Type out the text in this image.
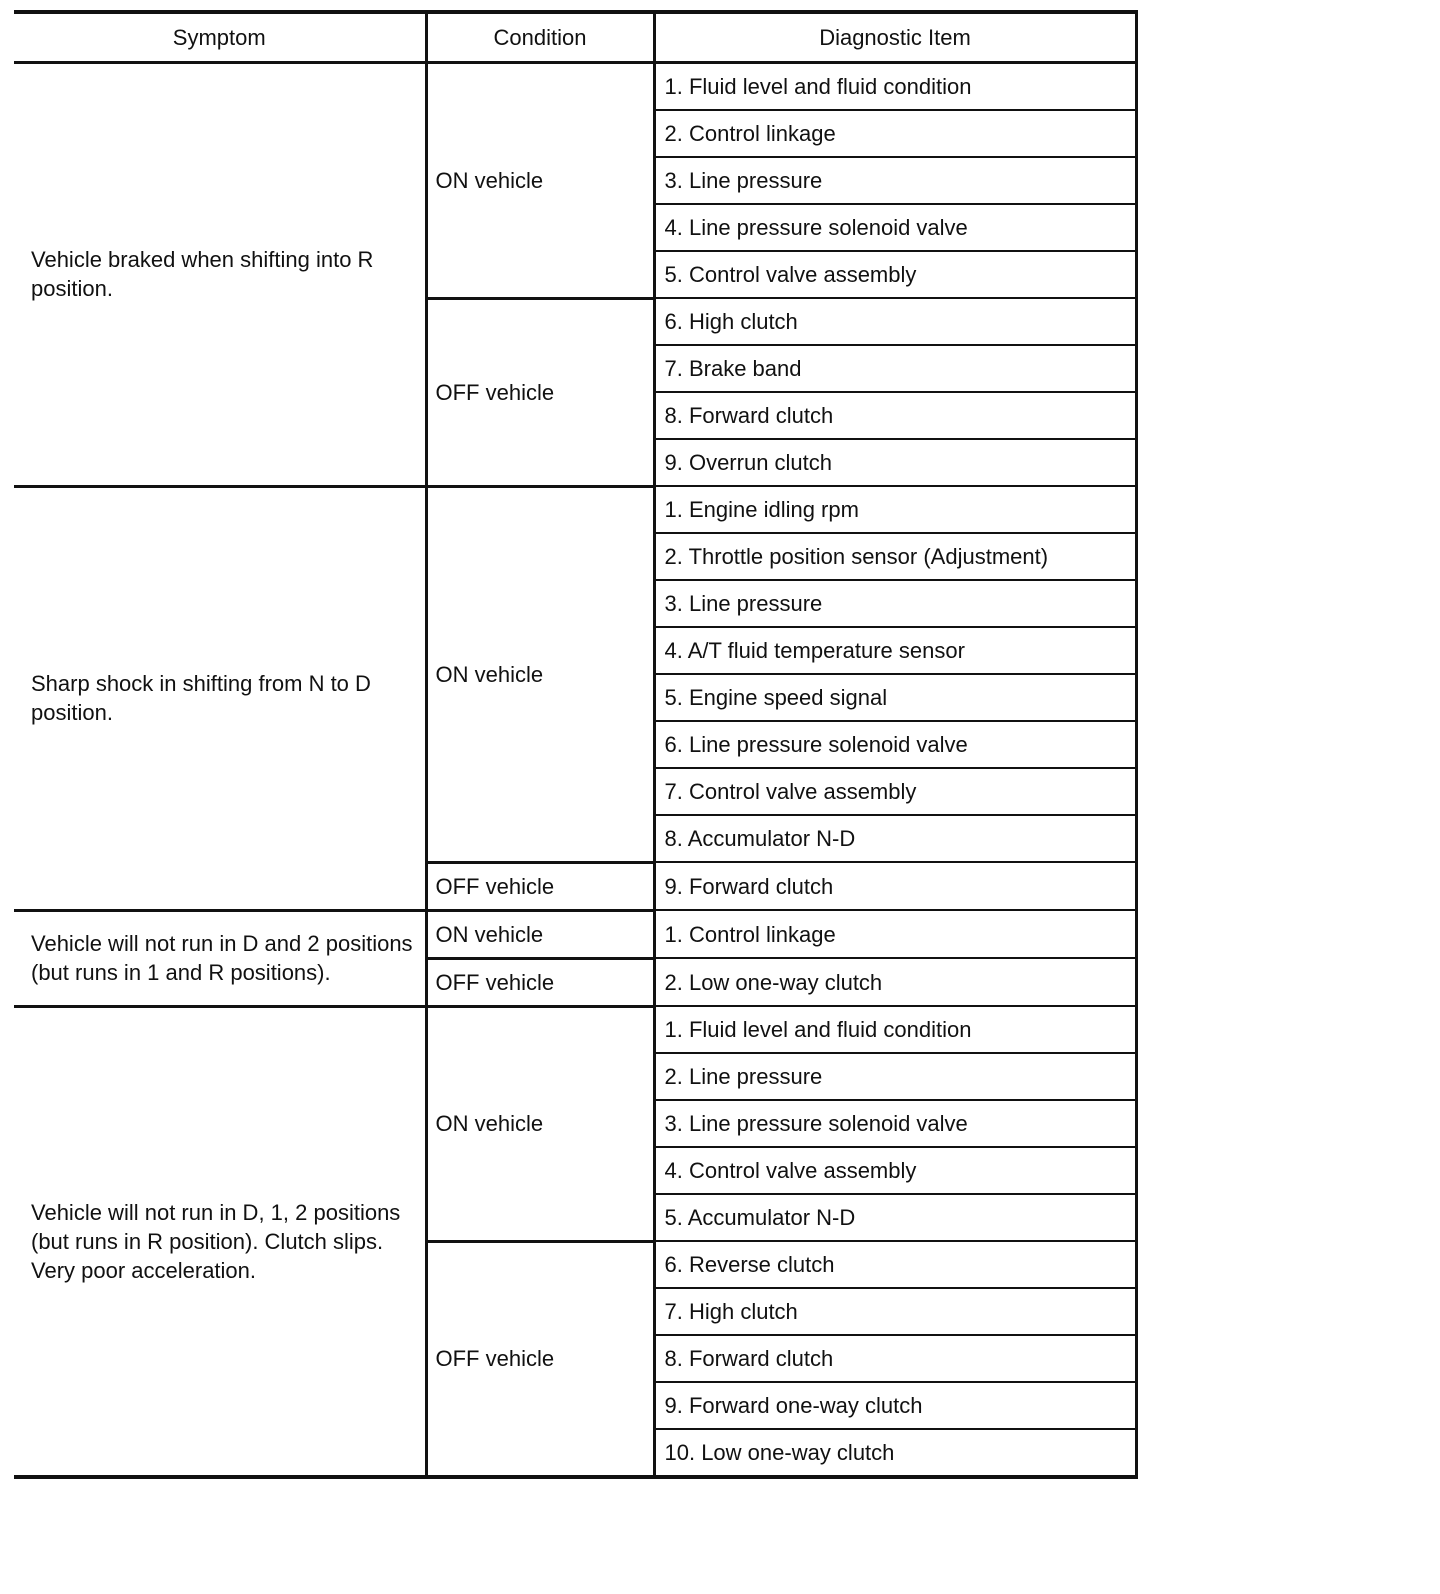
Symptom	Condition	Diagnostic Item
Vehicle braked when shifting into R position.	ON vehicle	1. Fluid level and fluid condition
		2. Control linkage
		3. Line pressure
		4. Line pressure solenoid valve
		5. Control valve assembly
	OFF vehicle	6. High clutch
		7. Brake band
		8. Forward clutch
		9. Overrun clutch
Sharp shock in shifting from N to D position.	ON vehicle	1. Engine idling rpm
		2. Throttle position sensor (Adjustment)
		3. Line pressure
		4. A/T fluid temperature sensor
		5. Engine speed signal
		6. Line pressure solenoid valve
		7. Control valve assembly
		8. Accumulator N-D
	OFF vehicle	9. Forward clutch
Vehicle will not run in D and 2 positions (but runs in 1 and R positions).	ON vehicle	1. Control linkage
	OFF vehicle	2. Low one-way clutch
Vehicle will not run in D, 1, 2 positions (but runs in R position). Clutch slips. Very poor acceleration.	ON vehicle	1. Fluid level and fluid condition
		2. Line pressure
		3. Line pressure solenoid valve
		4. Control valve assembly
		5. Accumulator N-D
	OFF vehicle	6. Reverse clutch
		7. High clutch
		8. Forward clutch
		9. Forward one-way clutch
		10. Low one-way clutch
